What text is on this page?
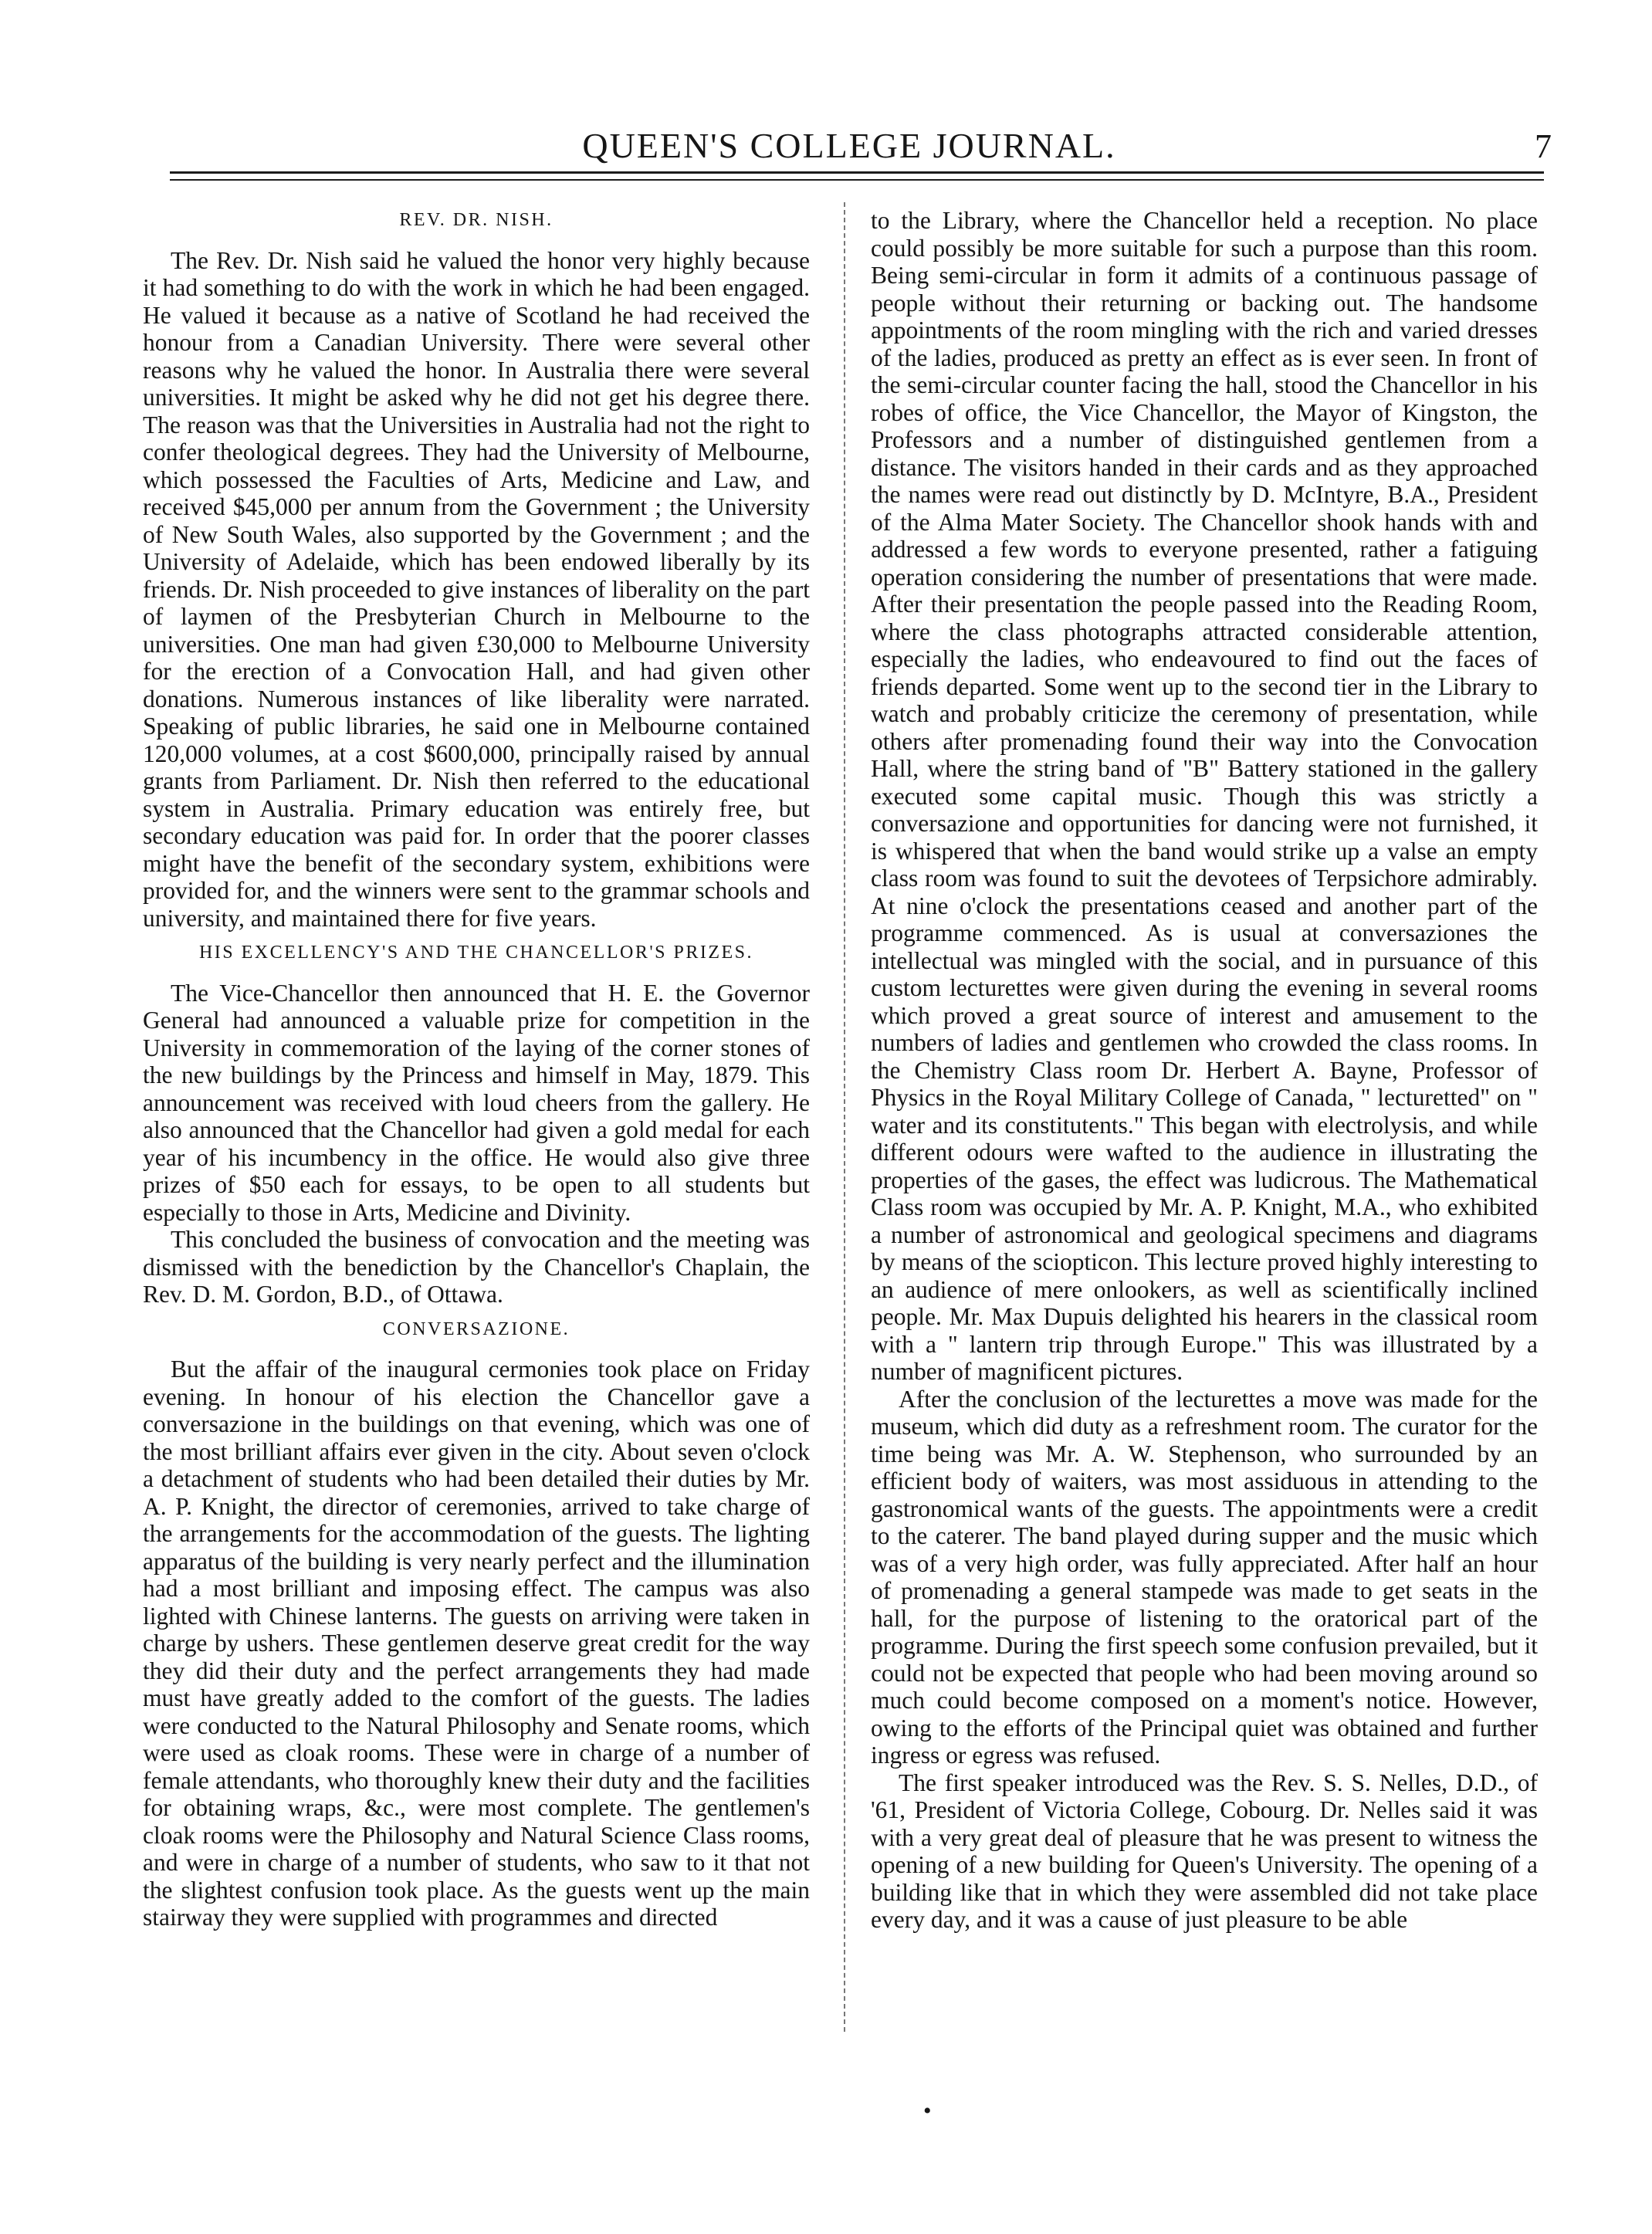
QUEEN'S COLLEGE JOURNAL.	7
REV. DR. NISH.

The Rev. Dr. Nish said he valued the honor very highly because it had something to do with the work in which he had been engaged. He valued it because as a native of Scotland he had received the honour from a Canadian University. There were several other reasons why he valued the honor. In Australia there were several universities. It might be asked why he did not get his degree there. The reason was that the Universities in Australia had not the right to confer theological degrees. They had the University of Melbourne, which possessed the Faculties of Arts, Medicine and Law, and received $45,000 per annum from the Government ; the University of New South Wales, also supported by the Government ; and the University of Adelaide, which has been endowed liberally by its friends. Dr. Nish proceeded to give instances of liberality on the part of laymen of the Presbyterian Church in Melbourne to the universities. One man had given £30,000 to Melbourne University for the erection of a Convocation Hall, and had given other donations. Numerous instances of like liberality were narrated. Speaking of public libraries, he said one in Melbourne contained 120,000 volumes, at a cost $600,000, principally raised by annual grants from Parliament. Dr. Nish then referred to the educational system in Australia. Primary education was entirely free, but secondary education was paid for. In order that the poorer classes might have the benefit of the secondary system, exhibitions were provided for, and the winners were sent to the grammar schools and university, and maintained there for five years.

HIS EXCELLENCY'S AND THE CHANCELLOR'S PRIZES.

The Vice-Chancellor then announced that H. E. the Governor General had announced a valuable prize for competition in the University in commemoration of the laying of the corner stones of the new buildings by the Princess and himself in May, 1879. This announcement was received with loud cheers from the gallery. He also announced that the Chancellor had given a gold medal for each year of his incumbency in the office. He would also give three prizes of $50 each for essays, to be open to all students but especially to those in Arts, Medicine and Divinity.

This concluded the business of convocation and the meeting was dismissed with the benediction by the Chancellor's Chaplain, the Rev. D. M. Gordon, B.D., of Ottawa.

CONVERSAZIONE.

But the affair of the inaugural cermonies took place on Friday evening. In honour of his election the Chancellor gave a conversazione in the buildings on that evening, which was one of the most brilliant affairs ever given in the city. About seven o'clock a detachment of students who had been detailed their duties by Mr. A. P. Knight, the director of ceremonies, arrived to take charge of the arrangements for the accommodation of the guests. The lighting apparatus of the building is very nearly perfect and the illumination had a most brilliant and imposing effect. The campus was also lighted with Chinese lanterns. The guests on arriving were taken in charge by ushers. These gentlemen deserve great credit for the way they did their duty and the perfect arrangements they had made must have greatly added to the comfort of the guests. The ladies were conducted to the Natural Philosophy and Senate rooms, which were used as cloak rooms. These were in charge of a number of female attendants, who thoroughly knew their duty and the facilities for obtaining wraps, &c., were most complete. The gentlemen's cloak rooms were the Philosophy and Natural Science Class rooms, and were in charge of a number of students, who saw to it that not the slightest confusion took place. As the guests went up the main stairway they were supplied with programmes and directed

to the Library, where the Chancellor held a reception. No place could possibly be more suitable for such a purpose than this room. Being semi-circular in form it admits of a continuous passage of people without their returning or backing out. The handsome appointments of the room mingling with the rich and varied dresses of the ladies, produced as pretty an effect as is ever seen. In front of the semi-circular counter facing the hall, stood the Chancellor in his robes of office, the Vice Chancellor, the Mayor of Kingston, the Professors and a number of distinguished gentlemen from a distance. The visitors handed in their cards and as they approached the names were read out distinctly by D. McIntyre, B.A., President of the Alma Mater Society. The Chancellor shook hands with and addressed a few words to everyone presented, rather a fatiguing operation considering the number of presentations that were made. After their presentation the people passed into the Reading Room, where the class photographs attracted considerable attention, especially the ladies, who endeavoured to find out the faces of friends departed. Some went up to the second tier in the Library to watch and probably criticize the ceremony of presentation, while others after promenading found their way into the Convocation Hall, where the string band of "B" Battery stationed in the gallery executed some capital music. Though this was strictly a conversazione and opportunities for dancing were not furnished, it is whispered that when the band would strike up a valse an empty class room was found to suit the devotees of Terpsichore admirably. At nine o'clock the presentations ceased and another part of the programme commenced. As is usual at conversaziones the intellectual was mingled with the social, and in pursuance of this custom lecturettes were given during the evening in several rooms which proved a great source of interest and amusement to the numbers of ladies and gentlemen who crowded the class rooms. In the Chemistry Class room Dr. Herbert A. Bayne, Professor of Physics in the Royal Military College of Canada, " lecturetted" on " water and its constitutents." This began with electrolysis, and while different odours were wafted to the audience in illustrating the properties of the gases, the effect was ludicrous. The Mathematical Class room was occupied by Mr. A. P. Knight, M.A., who exhibited a number of astronomical and geological specimens and diagrams by means of the sciopticon. This lecture proved highly interesting to an audience of mere onlookers, as well as scientifically inclined people. Mr. Max Dupuis delighted his hearers in the classical room with a " lantern trip through Europe." This was illustrated by a number of magnificent pictures.

After the conclusion of the lecturettes a move was made for the museum, which did duty as a refreshment room. The curator for the time being was Mr. A. W. Stephenson, who surrounded by an efficient body of waiters, was most assiduous in attending to the gastronomical wants of the guests. The appointments were a credit to the caterer. The band played during supper and the music which was of a very high order, was fully appreciated. After half an hour of promenading a general stampede was made to get seats in the hall, for the purpose of listening to the oratorical part of the programme. During the first speech some confusion prevailed, but it could not be expected that people who had been moving around so much could become composed on a moment's notice. However, owing to the efforts of the Principal quiet was obtained and further ingress or egress was refused.

The first speaker introduced was the Rev. S. S. Nelles, D.D., of '61, President of Victoria College, Cobourg. Dr. Nelles said it was with a very great deal of pleasure that he was present to witness the opening of a new building for Queen's University. The opening of a building like that in which they were assembled did not take place every day, and it was a cause of just pleasure to be able

•
